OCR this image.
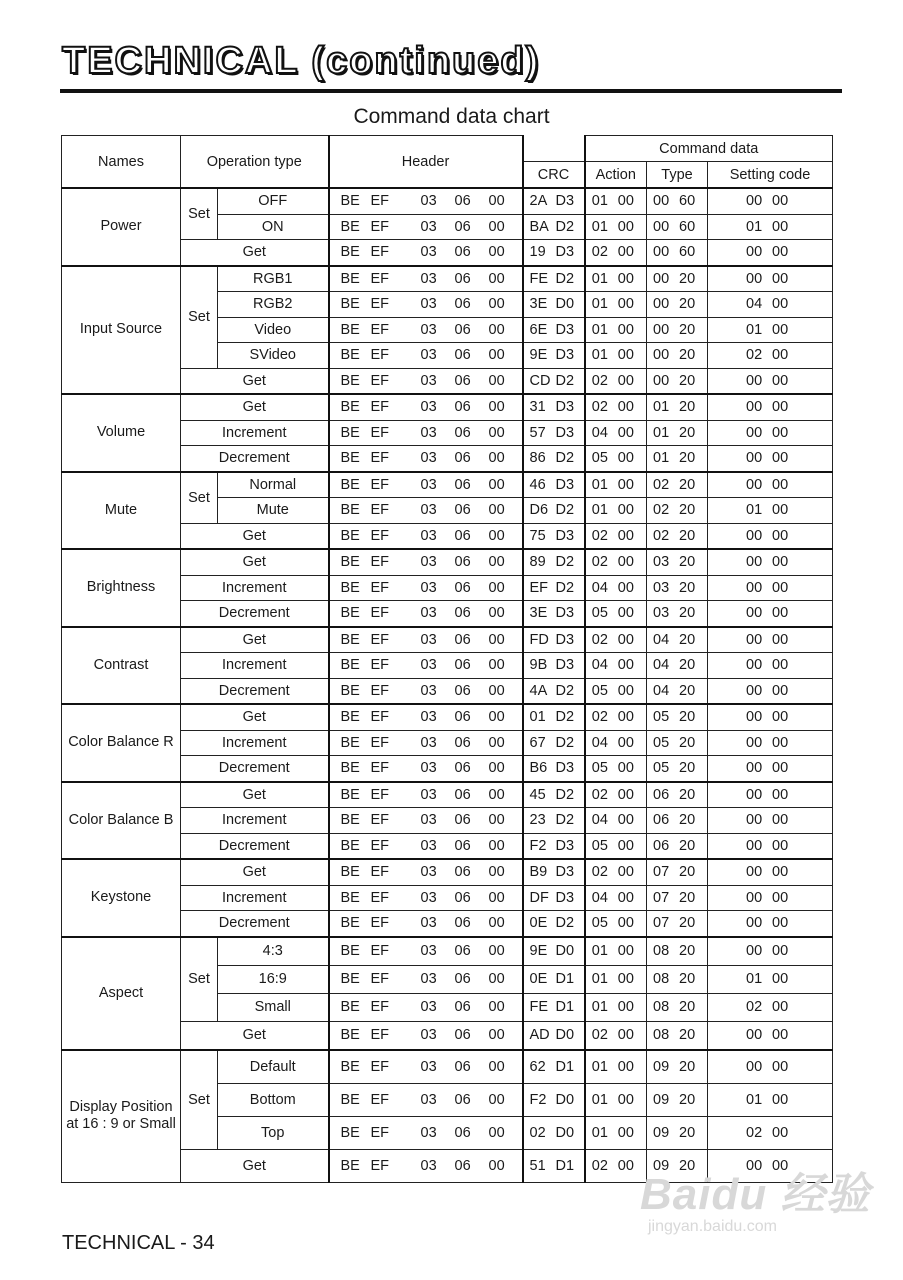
TECHNICAL (continued)
Command data chart
Names	Operation type		Header		Command data		
				CRC	Action	Type	Setting code
Power	Set	OFF	BE EF 03 06 00	2A D3	01 00	00 60	00 00
		ON	BE EF 03 06 00	BA D2	01 00	00 60	01 00
	Get		BE EF 03 06 00	19 D3	02 00	00 60	00 00
Input Source	Set	RGB1	BE EF 03 06 00	FE D2	01 00	00 20	00 00
		RGB2	BE EF 03 06 00	3E D0	01 00	00 20	04 00
		Video	BE EF 03 06 00	6E D3	01 00	00 20	01 00
		SVideo	BE EF 03 06 00	9E D3	01 00	00 20	02 00
	Get		BE EF 03 06 00	CD D2	02 00	00 20	00 00
Volume	Get		BE EF 03 06 00	31 D3	02 00	01 20	00 00
	Increment		BE EF 03 06 00	57 D3	04 00	01 20	00 00
	Decrement		BE EF 03 06 00	86 D2	05 00	01 20	00 00
Mute	Set	Normal	BE EF 03 06 00	46 D3	01 00	02 20	00 00
		Mute	BE EF 03 06 00	D6 D2	01 00	02 20	01 00
	Get		BE EF 03 06 00	75 D3	02 00	02 20	00 00
Brightness	Get		BE EF 03 06 00	89 D2	02 00	03 20	00 00
	Increment		BE EF 03 06 00	EF D2	04 00	03 20	00 00
	Decrement		BE EF 03 06 00	3E D3	05 00	03 20	00 00
Contrast	Get		BE EF 03 06 00	FD D3	02 00	04 20	00 00
	Increment		BE EF 03 06 00	9B D3	04 00	04 20	00 00
	Decrement		BE EF 03 06 00	4A D2	05 00	04 20	00 00
Color Balance R	Get		BE EF 03 06 00	01 D2	02 00	05 20	00 00
	Increment		BE EF 03 06 00	67 D2	04 00	05 20	00 00
	Decrement		BE EF 03 06 00	B6 D3	05 00	05 20	00 00
Color Balance B	Get		BE EF 03 06 00	45 D2	02 00	06 20	00 00
	Increment		BE EF 03 06 00	23 D2	04 00	06 20	00 00
	Decrement		BE EF 03 06 00	F2 D3	05 00	06 20	00 00
Keystone	Get		BE EF 03 06 00	B9 D3	02 00	07 20	00 00
	Increment		BE EF 03 06 00	DF D3	04 00	07 20	00 00
	Decrement		BE EF 03 06 00	0E D2	05 00	07 20	00 00
Aspect	Set	4:3	BE EF 03 06 00	9E D0	01 00	08 20	00 00
		16:9	BE EF 03 06 00	0E D1	01 00	08 20	01 00
		Small	BE EF 03 06 00	FE D1	01 00	08 20	02 00
	Get		BE EF 03 06 00	AD D0	02 00	08 20	00 00
Display Position at 16 : 9 or Small	Set	Default	BE EF 03 06 00	62 D1	01 00	09 20	00 00
		Bottom	BE EF 03 06 00	F2 D0	01 00	09 20	01 00
		Top	BE EF 03 06 00	02 D0	01 00	09 20	02 00
	Get		BE EF 03 06 00	51 D1	02 00	09 20	00 00
TECHNICAL - 34
Baidu 经验
jingyan.baidu.com
